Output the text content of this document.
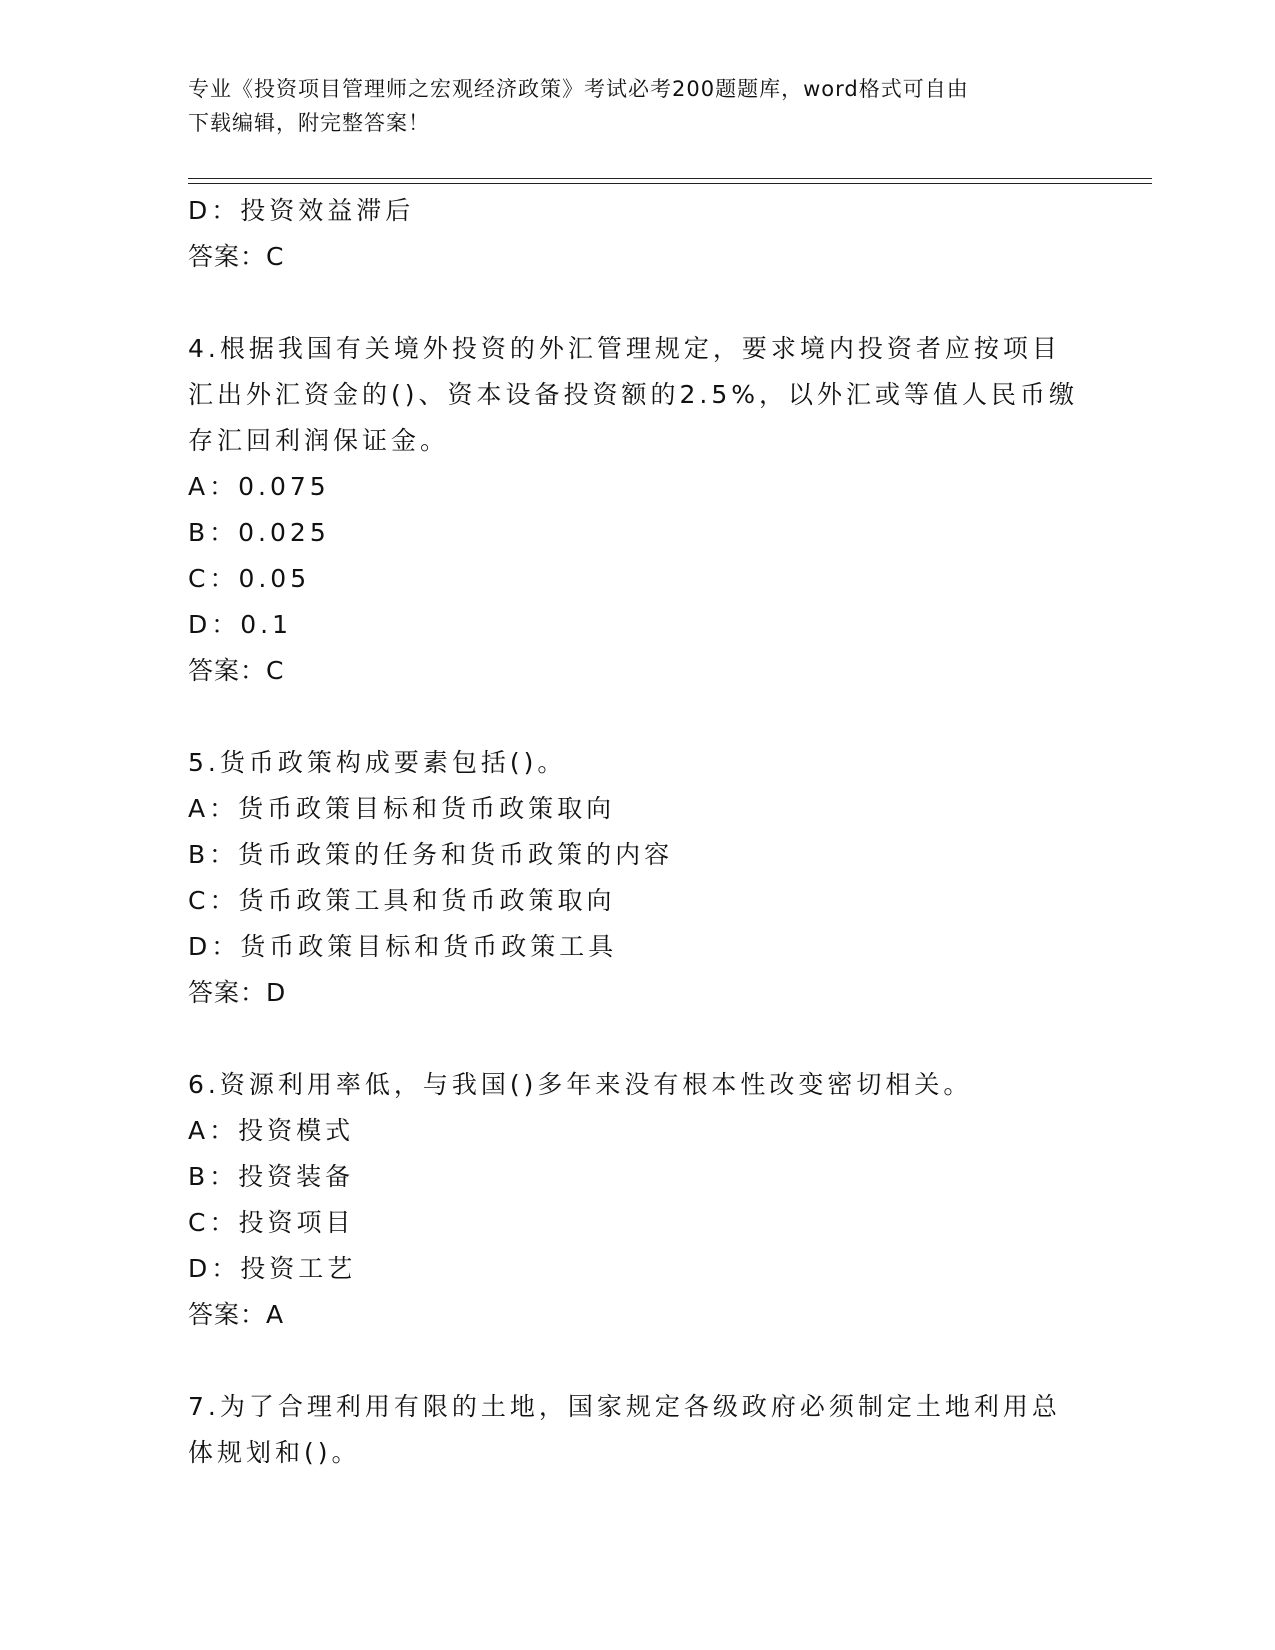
专业《投资项目管理师之宏观经济政策》考试必考200题题库，word格式可自由
下载编辑，附完整答案！
D：投资效益滞后
答案：C
4.根据我国有关境外投资的外汇管理规定，要求境内投资者应按项目
汇出外汇资金的()、资本设备投资额的2.5%，以外汇或等值人民币缴
存汇回利润保证金。
A：0.075
B：0.025
C：0.05
D：0.1
答案：C
5.货币政策构成要素包括()。
A：货币政策目标和货币政策取向
B：货币政策的任务和货币政策的内容
C：货币政策工具和货币政策取向
D：货币政策目标和货币政策工具
答案：D
6.资源利用率低，与我国()多年来没有根本性改变密切相关。
A：投资模式
B：投资装备
C：投资项目
D：投资工艺
答案：A
7.为了合理利用有限的土地，国家规定各级政府必须制定土地利用总
体规划和()。
